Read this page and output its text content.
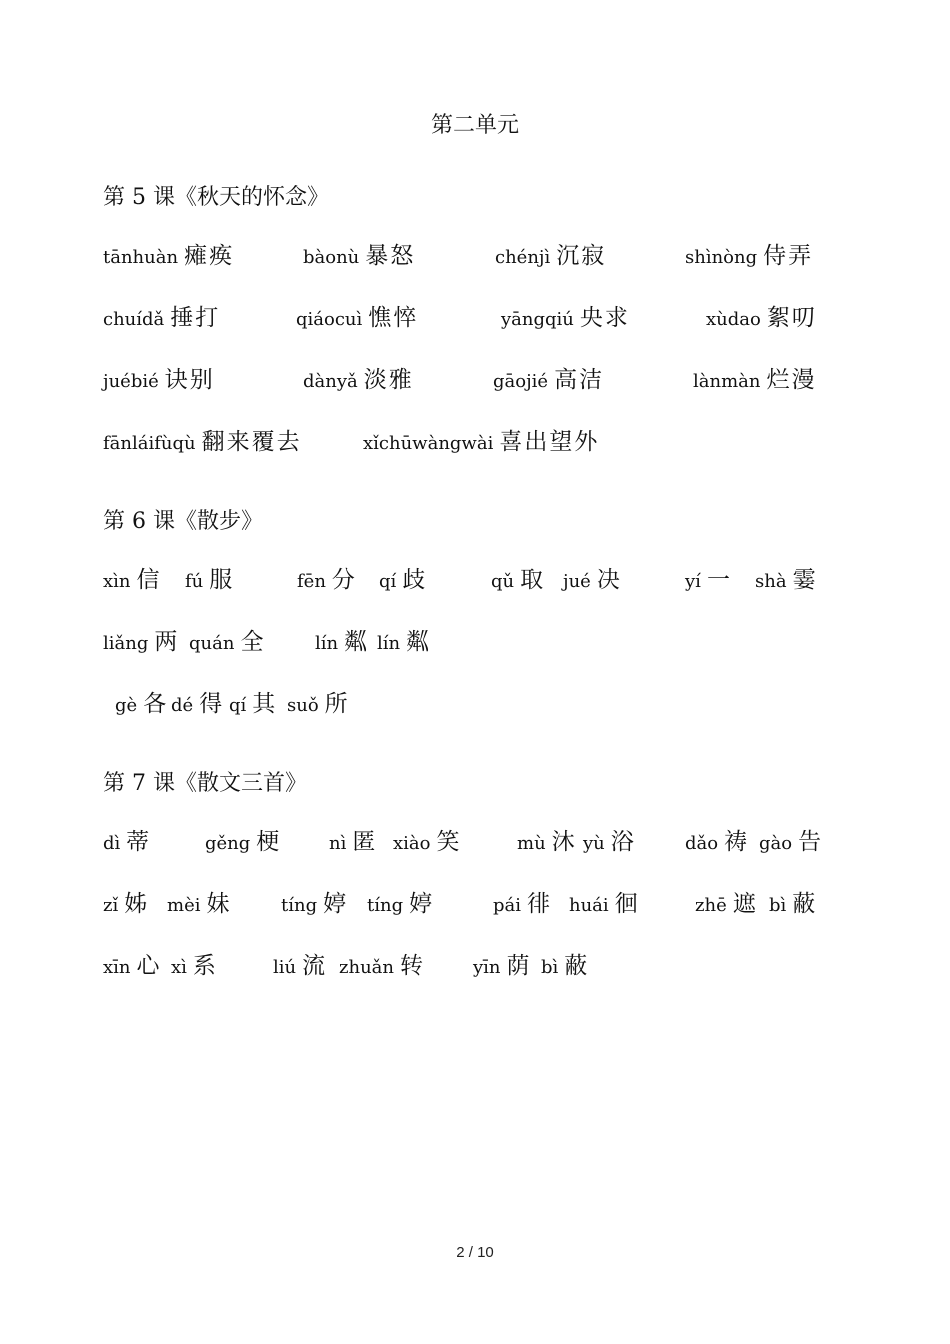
第二单元
第 5 课《秋天的怀念》
tānhuàn 瘫痪	bàonù 暴怒	chénjì 沉寂	shìnòng 侍弄
chuídǎ 捶打	qiáocuì 憔悴	yāngqiú 央求	xùdao 絮叨
juébié 诀别	dànyǎ 淡雅	gāojié 高洁	lànmàn 烂漫
fānláifùqù 翻来覆去	xǐchūwàngwài 喜出望外
第 6 课《散步》
xìn 信 fú 服	fēn 分 qí 歧	qǔ 取 jué 决	yí 一 shà 霎
liǎng 两 quán 全	lín 粼 lín 粼
gè 各 dé 得 qí 其 suǒ 所
第 7 课《散文三首》
dì 蒂	gěng 梗	nì 匿 xiào 笑	mù 沐 yù 浴	dǎo 祷 gào 告
zǐ 姊 mèi 妹	tíng 婷 tíng 婷	pái 徘 huái 徊	zhē 遮 bì 蔽
xīn 心 xì 系	liú 流 zhuǎn 转	yīn 荫 bì 蔽
2 / 10
